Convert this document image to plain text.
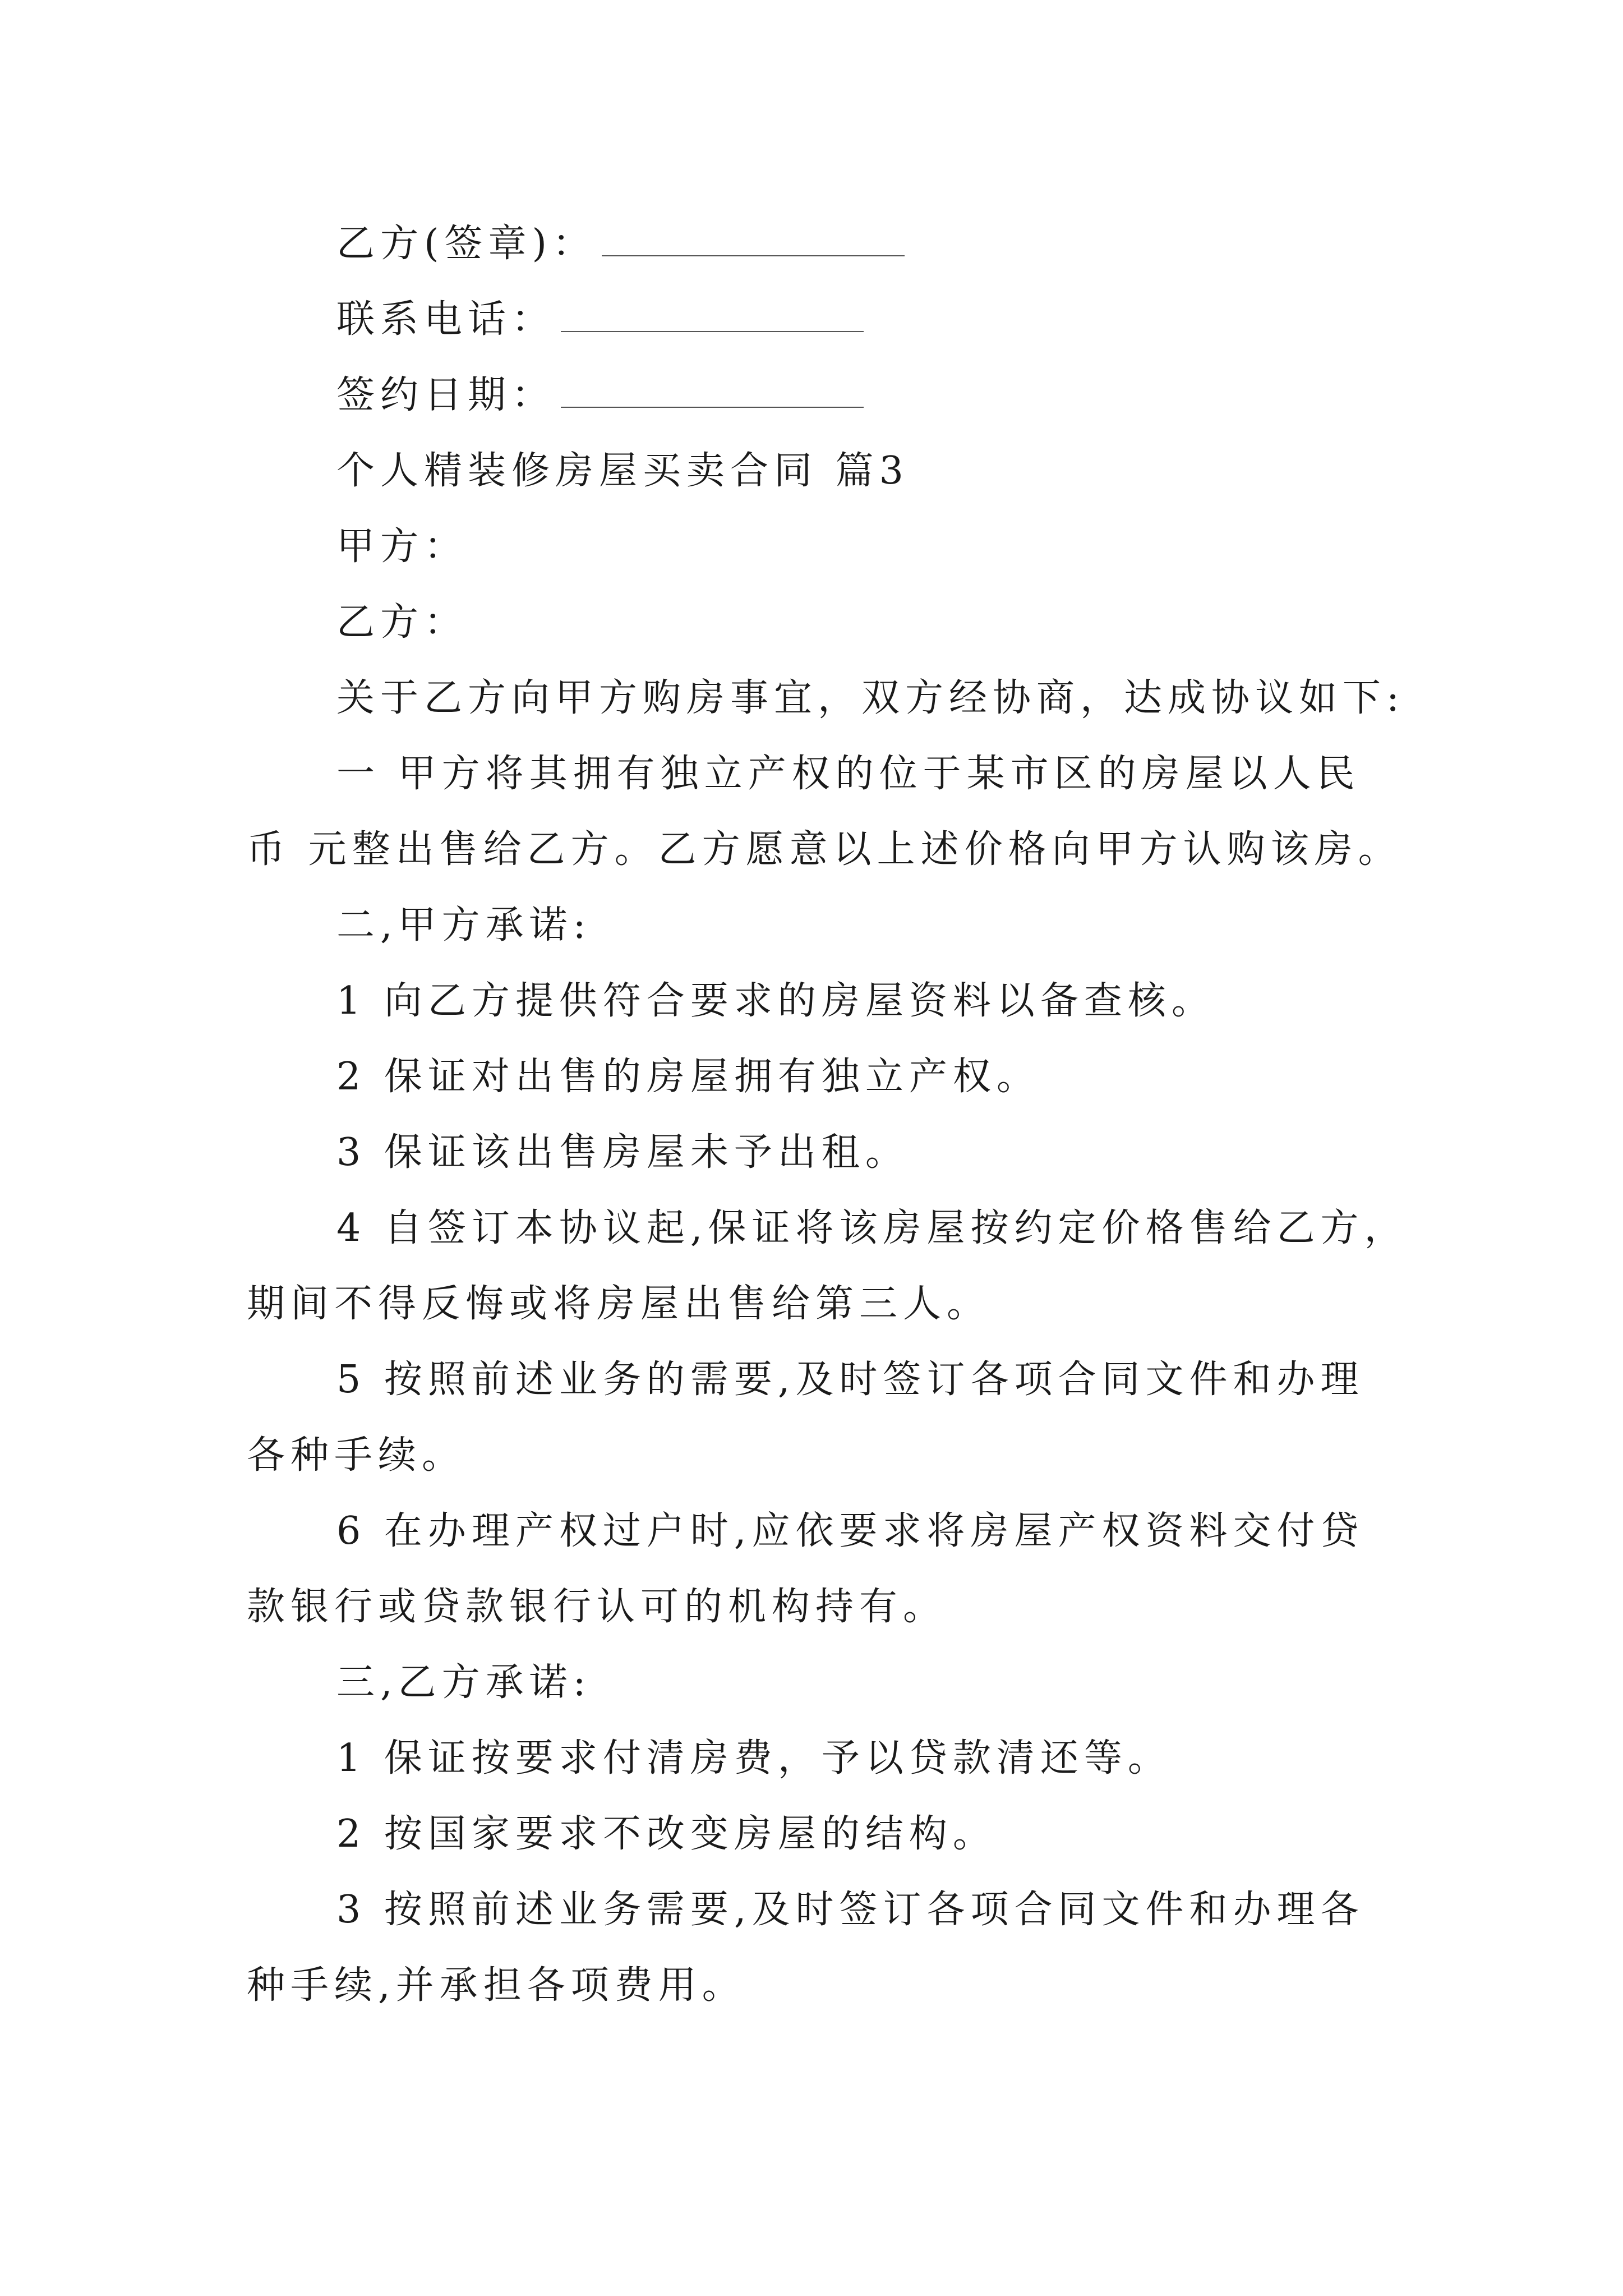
乙方(签章)：
联系电话：
签约日期：
个人精装修房屋买卖合同 篇3
甲方：
乙方：
关于乙方向甲方购房事宜，双方经协商，达成协议如下:
一 甲方将其拥有独立产权的位于某市区的房屋以人民
币 元整出售给乙方。乙方愿意以上述价格向甲方认购该房。
二,甲方承诺:
1 向乙方提供符合要求的房屋资料以备查核。
2 保证对出售的房屋拥有独立产权。
3 保证该出售房屋未予出租。
4 自签订本协议起,保证将该房屋按约定价格售给乙方，
期间不得反悔或将房屋出售给第三人。
5 按照前述业务的需要,及时签订各项合同文件和办理
各种手续。
6 在办理产权过户时,应依要求将房屋产权资料交付贷
款银行或贷款银行认可的机构持有。
三,乙方承诺:
1 保证按要求付清房费，予以贷款清还等。
2 按国家要求不改变房屋的结构。
3 按照前述业务需要,及时签订各项合同文件和办理各
种手续,并承担各项费用。
